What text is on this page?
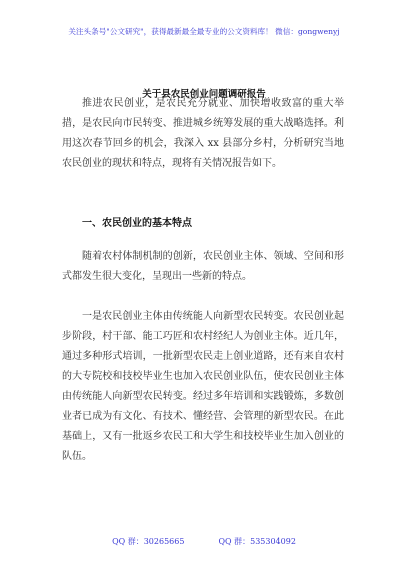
关注头条号"公文研究"，获得最新最全最专业的公文资料库！ 微信：gongwenyj
关于县农民创业问题调研报告

推进农民创业，是农民充分就业、加快增收致富的重大举措，是农民向市民转变、推进城乡统筹发展的重大战略选择。利用这次春节回乡的机会，我深入 xx 县部分乡村，分析研究当地农民创业的现状和特点，现将有关情况报告如下。

一、农民创业的基本特点

随着农村体制机制的创新，农民创业主体、领域、空间和形式都发生很大变化，呈现出一些新的特点。

一是农民创业主体由传统能人向新型农民转变。农民创业起步阶段，村干部、能工巧匠和农村经纪人为创业主体。近几年，通过多种形式培训，一批新型农民走上创业道路，还有来自农村的大专院校和技校毕业生也加入农民创业队伍，使农民创业主体由传统能人向新型农民转变。经过多年培训和实践锻炼，多数创业者已成为有文化、有技术、懂经营、会管理的新型农民。在此基础上，又有一批返乡农民工和大学生和技校毕业生加入创业的队伍。

QQ 群：30265665	QQ 群：535304092
